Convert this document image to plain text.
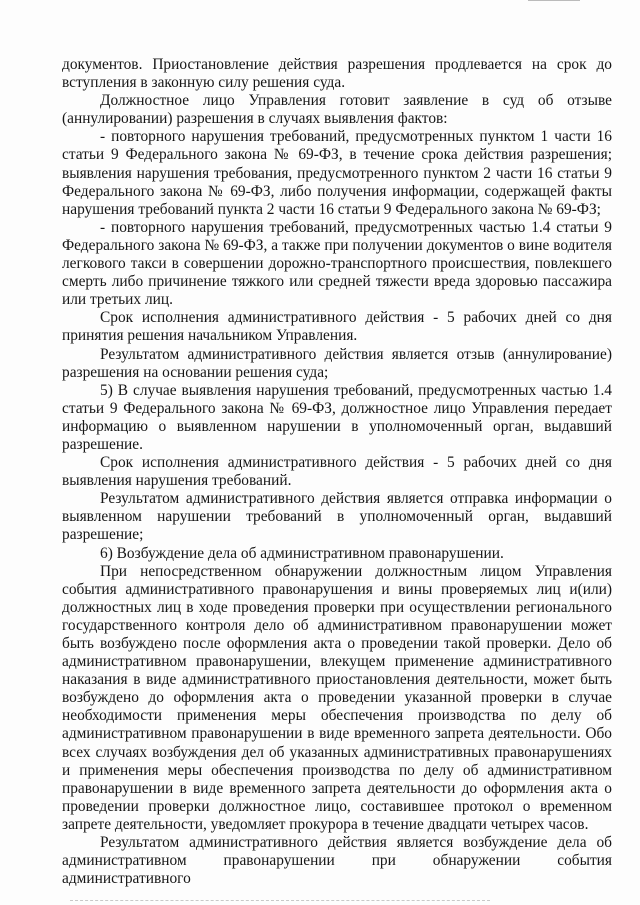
документов. Приостановление действия разрешения продлевается на срок до вступления в законную силу решения суда.

Должностное лицо Управления готовит заявление в суд об отзыве (аннулировании) разрешения в случаях выявления фактов:

- повторного нарушения требований, предусмотренных пунктом 1 части 16 статьи 9 Федерального закона № 69-ФЗ, в течение срока действия разрешения; выявления нарушения требования, предусмотренного пунктом 2 части 16 статьи 9 Федерального закона № 69-ФЗ, либо получения информации, содержащей факты нарушения требований пункта 2 части 16 статьи 9 Федерального закона № 69-ФЗ;

- повторного нарушения требований, предусмотренных частью 1.4 статьи 9 Федерального закона № 69-ФЗ, а также при получении документов о вине водителя легкового такси в совершении дорожно-транспортного происшествия, повлекшего смерть либо причинение тяжкого или средней тяжести вреда здоровью пассажира или третьих лиц.

Срок исполнения административного действия - 5 рабочих дней со дня принятия решения начальником Управления.

Результатом административного действия является отзыв (аннулирование) разрешения на основании решения суда;

5) В случае выявления нарушения требований, предусмотренных частью 1.4 статьи 9 Федерального закона № 69-ФЗ, должностное лицо Управления передает информацию о выявленном нарушении в уполномоченный орган, выдавший разрешение.

Срок исполнения административного действия - 5 рабочих дней со дня выявления нарушения требований.

Результатом административного действия является отправка информации о выявленном нарушении требований в уполномоченный орган, выдавший разрешение;

6) Возбуждение дела об административном правонарушении.

При непосредственном обнаружении должностным лицом Управления события административного правонарушения и вины проверяемых лиц и(или) должностных лиц в ходе проведения проверки при осуществлении регионального государственного контроля дело об административном правонарушении может быть возбуждено после оформления акта о проведении такой проверки. Дело об административном правонарушении, влекущем применение административного наказания в виде административного приостановления деятельности, может быть возбуждено до оформления акта о проведении указанной проверки в случае необходимости применения меры обеспечения производства по делу об административном правонарушении в виде временного запрета деятельности. Обо всех случаях возбуждения дел об указанных административных правонарушениях и применения меры обеспечения производства по делу об административном правонарушении в виде временного запрета деятельности до оформления акта о проведении проверки должностное лицо, составившее протокол о временном запрете деятельности, уведомляет прокурора в течение двадцати четырех часов.

Результатом административного действия является возбуждение дела об административном правонарушении при обнаружении события административного
